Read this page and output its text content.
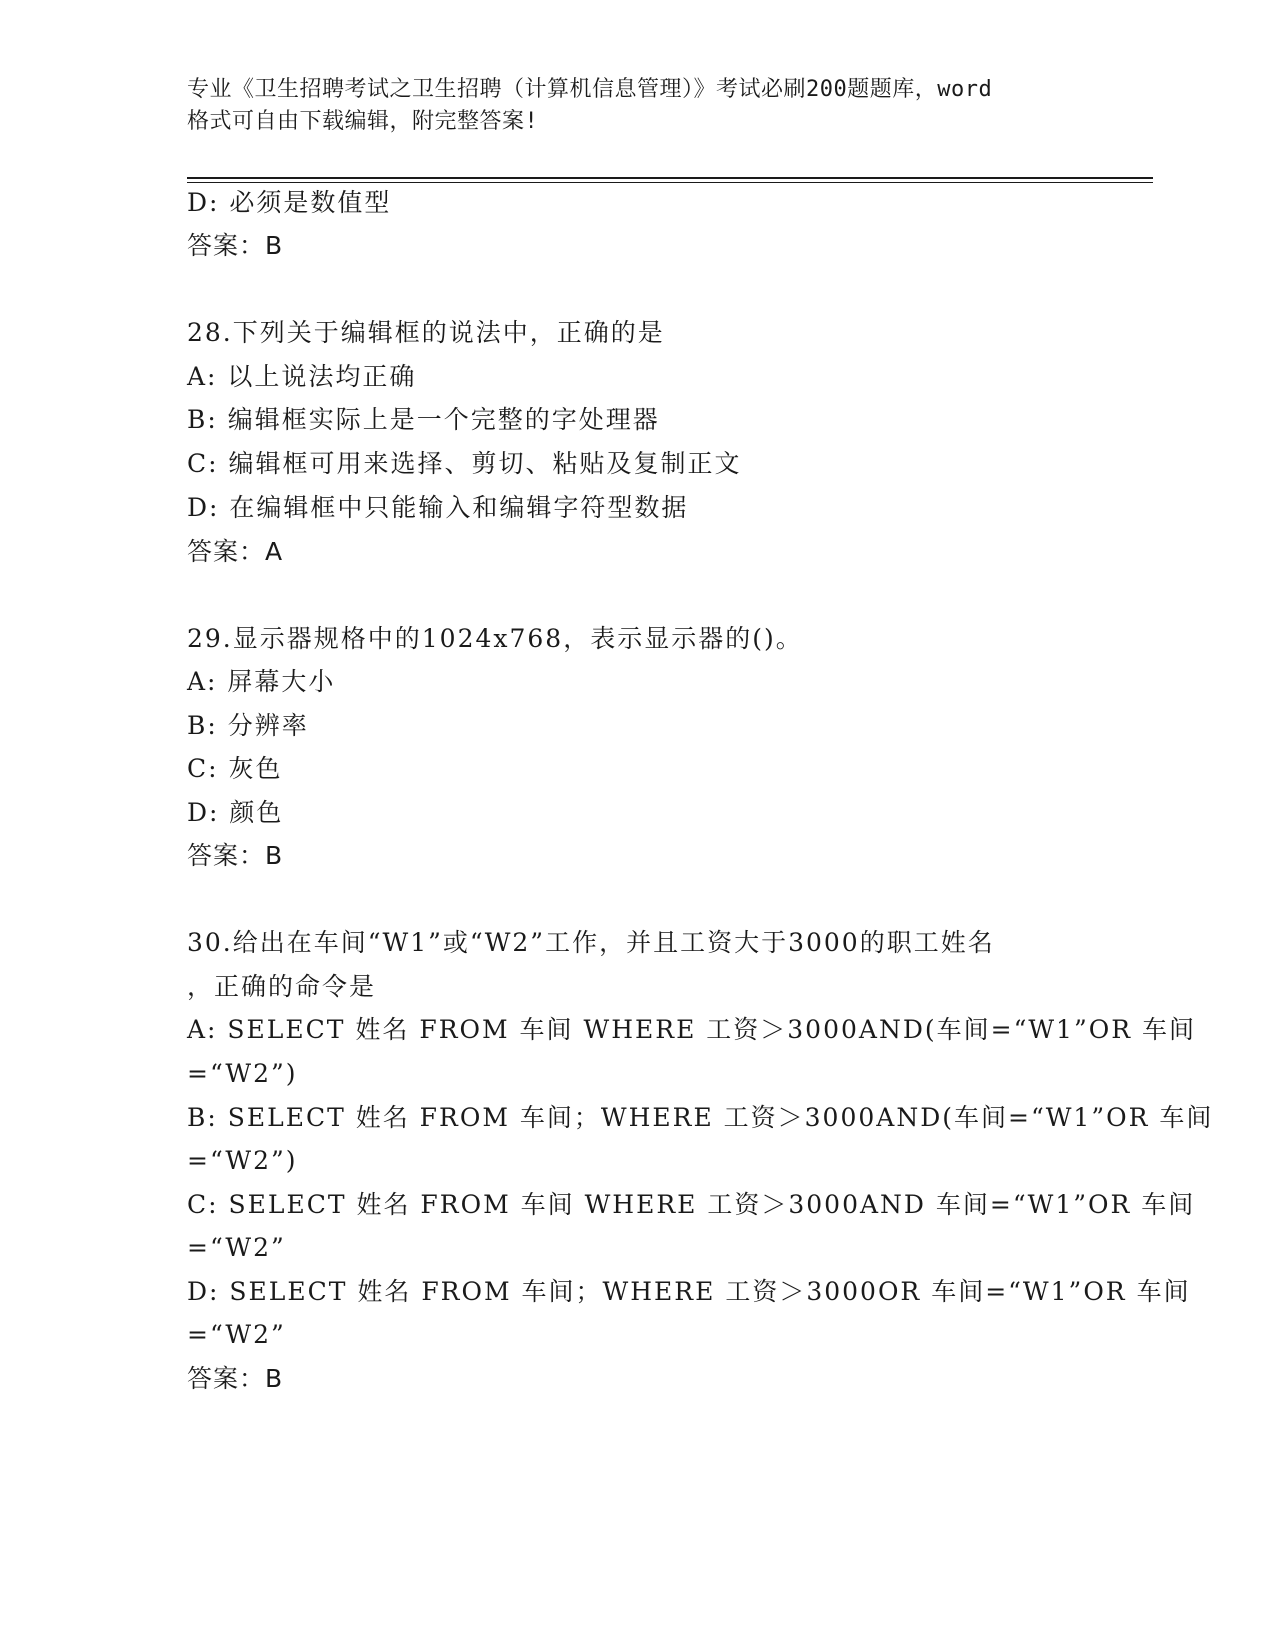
专业《卫生招聘考试之卫生招聘（计算机信息管理）》考试必刷200题题库，word
格式可自由下载编辑，附完整答案!
D: 必须是数值型
答案：B
28.下列关于编辑框的说法中，正确的是
A: 以上说法均正确
B: 编辑框实际上是一个完整的字处理器
C: 编辑框可用来选择、剪切、粘贴及复制正文
D: 在编辑框中只能输入和编辑字符型数据
答案：A
29.显示器规格中的1024x768，表示显示器的()。
A: 屏幕大小
B: 分辨率
C: 灰色
D: 颜色
答案：B
30.给出在车间“W1”或“W2”工作，并且工资大于3000的职工姓名
，正确的命令是
A: SELECT 姓名 FROM 车间 WHERE 工资＞3000AND(车间=“W1”OR 车间
=“W2”)
B: SELECT 姓名 FROM 车间；WHERE 工资＞3000AND(车间=“W1”OR 车间
=“W2”)
C: SELECT 姓名 FROM 车间 WHERE 工资＞3000AND 车间=“W1”OR 车间
=“W2”
D: SELECT 姓名 FROM 车间；WHERE 工资＞3000OR 车间=“W1”OR 车间
=“W2”
答案：B
